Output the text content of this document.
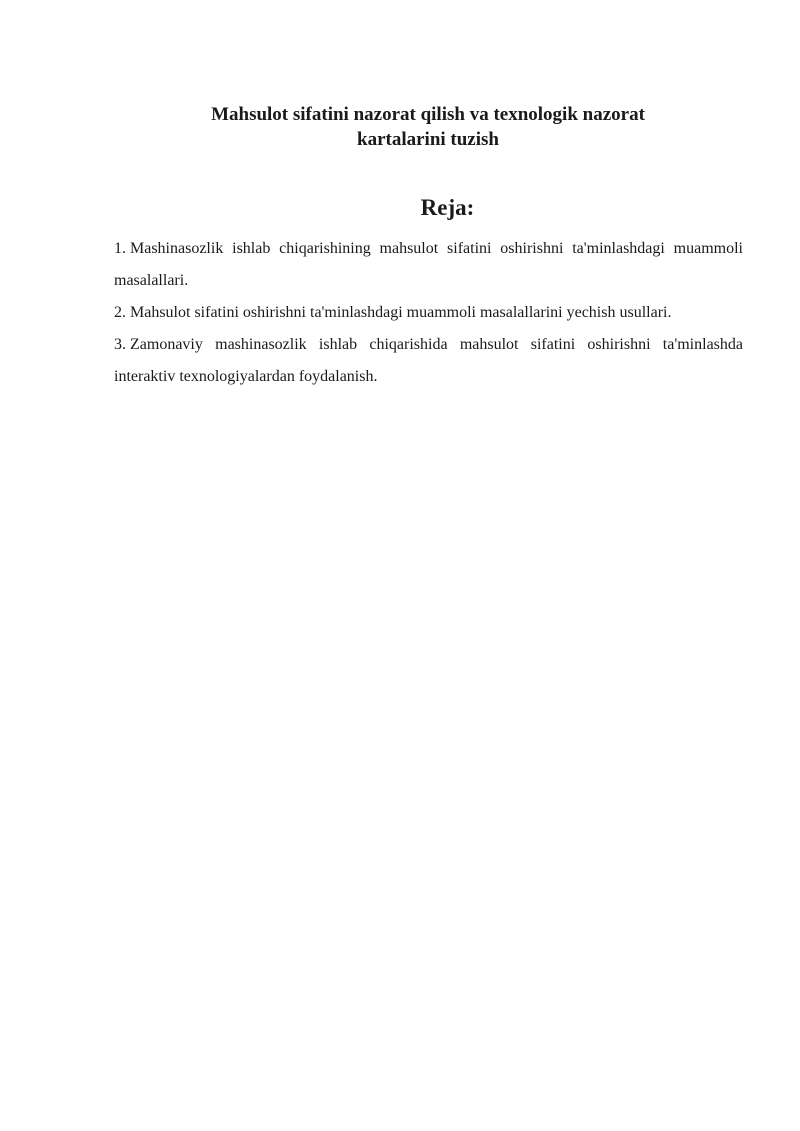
Mahsulot sifatini nazorat qilish va texnologik nazorat
kartalarini tuzish
Reja:
1. Mashinasozlik ishlab chiqarishining mahsulot sifatini oshirishni ta'minlashdagi muammoli masalallari.
2. Mahsulot sifatini oshirishni ta'minlashdagi muammoli masalallarini yechish usullari.
3. Zamonaviy mashinasozlik ishlab chiqarishida mahsulot sifatini oshirishni ta'minlashda interaktiv texnologiyalardan foydalanish.
